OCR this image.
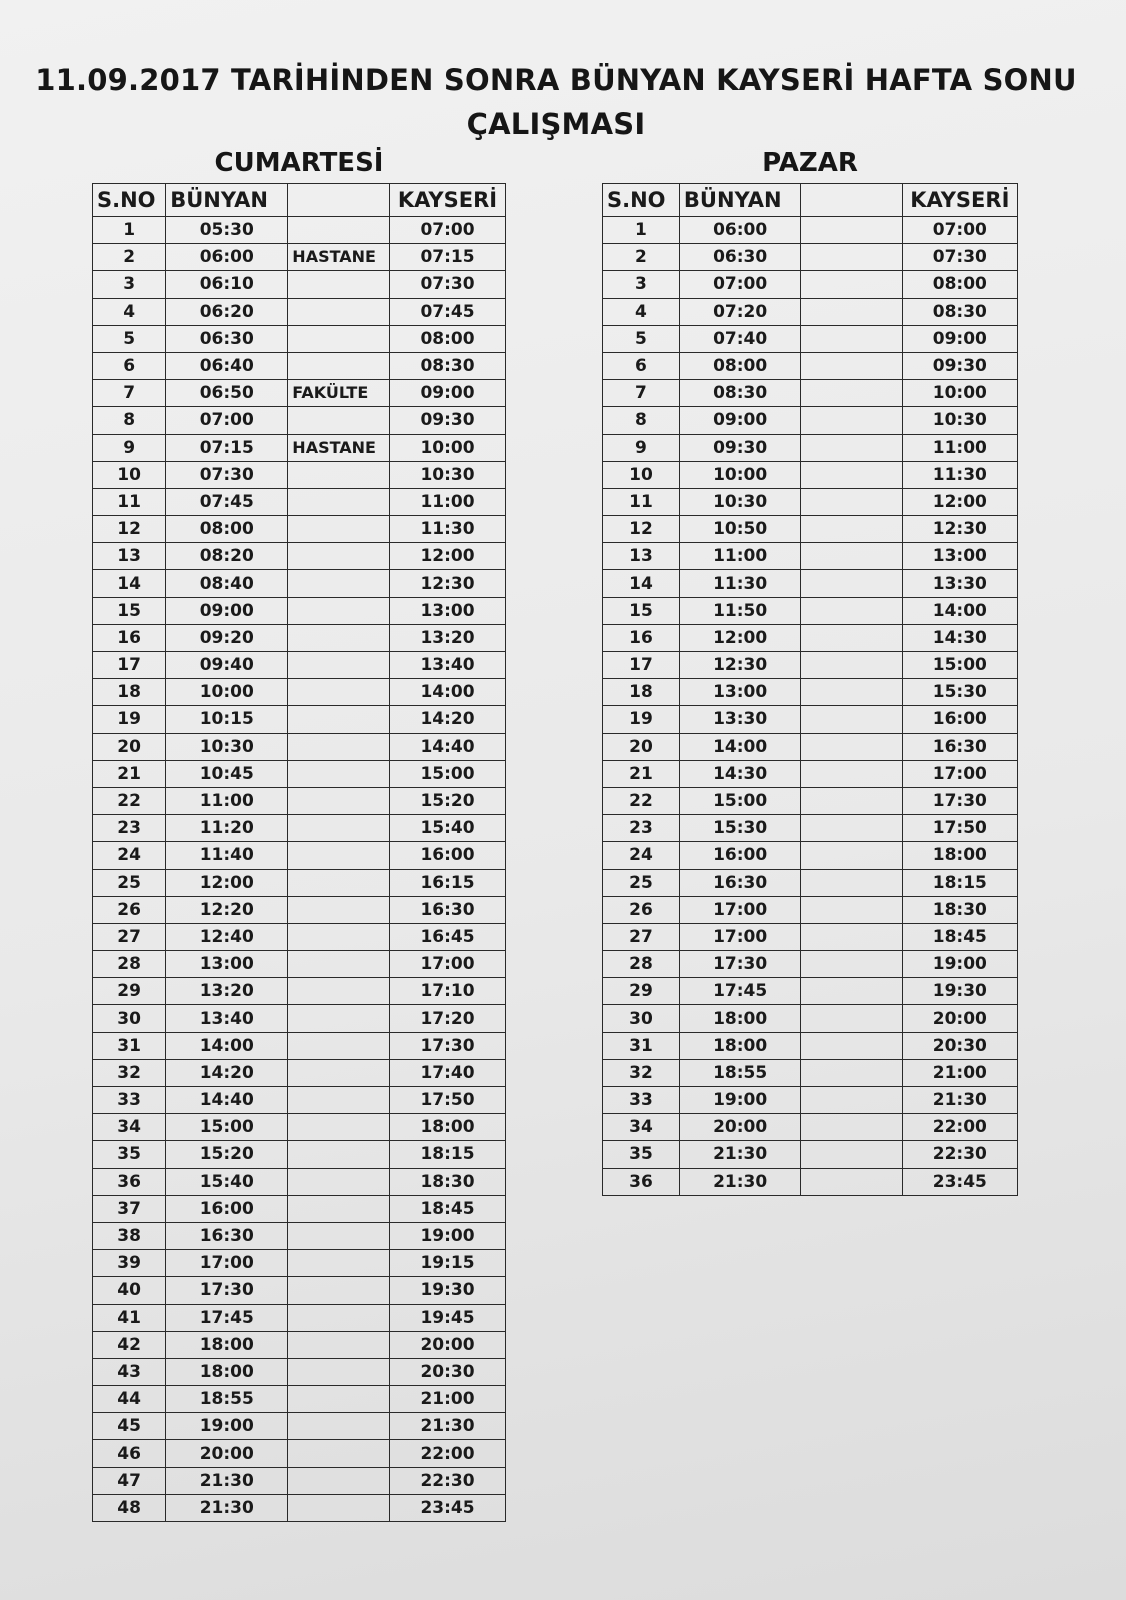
11.09.2017 TARİHİNDEN SONRA BÜNYAN KAYSERİ HAFTA SONU
ÇALIŞMASI
CUMARTESİ	PAZAR
S.NO	BÜNYAN		KAYSERİ
1	05:30		07:00
2	06:00	HASTANE	07:15
3	06:10		07:30
4	06:20		07:45
5	06:30		08:00
6	06:40		08:30
7	06:50	FAKÜLTE	09:00
8	07:00		09:30
9	07:15	HASTANE	10:00
10	07:30		10:30
11	07:45		11:00
12	08:00		11:30
13	08:20		12:00
14	08:40		12:30
15	09:00		13:00
16	09:20		13:20
17	09:40		13:40
18	10:00		14:00
19	10:15		14:20
20	10:30		14:40
21	10:45		15:00
22	11:00		15:20
23	11:20		15:40
24	11:40		16:00
25	12:00		16:15
26	12:20		16:30
27	12:40		16:45
28	13:00		17:00
29	13:20		17:10
30	13:40		17:20
31	14:00		17:30
32	14:20		17:40
33	14:40		17:50
34	15:00		18:00
35	15:20		18:15
36	15:40		18:30
37	16:00		18:45
38	16:30		19:00
39	17:00		19:15
40	17:30		19:30
41	17:45		19:45
42	18:00		20:00
43	18:00		20:30
44	18:55		21:00
45	19:00		21:30
46	20:00		22:00
47	21:30		22:30
48	21:30		23:45
S.NO	BÜNYAN		KAYSERİ
1	06:00		07:00
2	06:30		07:30
3	07:00		08:00
4	07:20		08:30
5	07:40		09:00
6	08:00		09:30
7	08:30		10:00
8	09:00		10:30
9	09:30		11:00
10	10:00		11:30
11	10:30		12:00
12	10:50		12:30
13	11:00		13:00
14	11:30		13:30
15	11:50		14:00
16	12:00		14:30
17	12:30		15:00
18	13:00		15:30
19	13:30		16:00
20	14:00		16:30
21	14:30		17:00
22	15:00		17:30
23	15:30		17:50
24	16:00		18:00
25	16:30		18:15
26	17:00		18:30
27	17:00		18:45
28	17:30		19:00
29	17:45		19:30
30	18:00		20:00
31	18:00		20:30
32	18:55		21:00
33	19:00		21:30
34	20:00		22:00
35	21:30		22:30
36	21:30		23:45
